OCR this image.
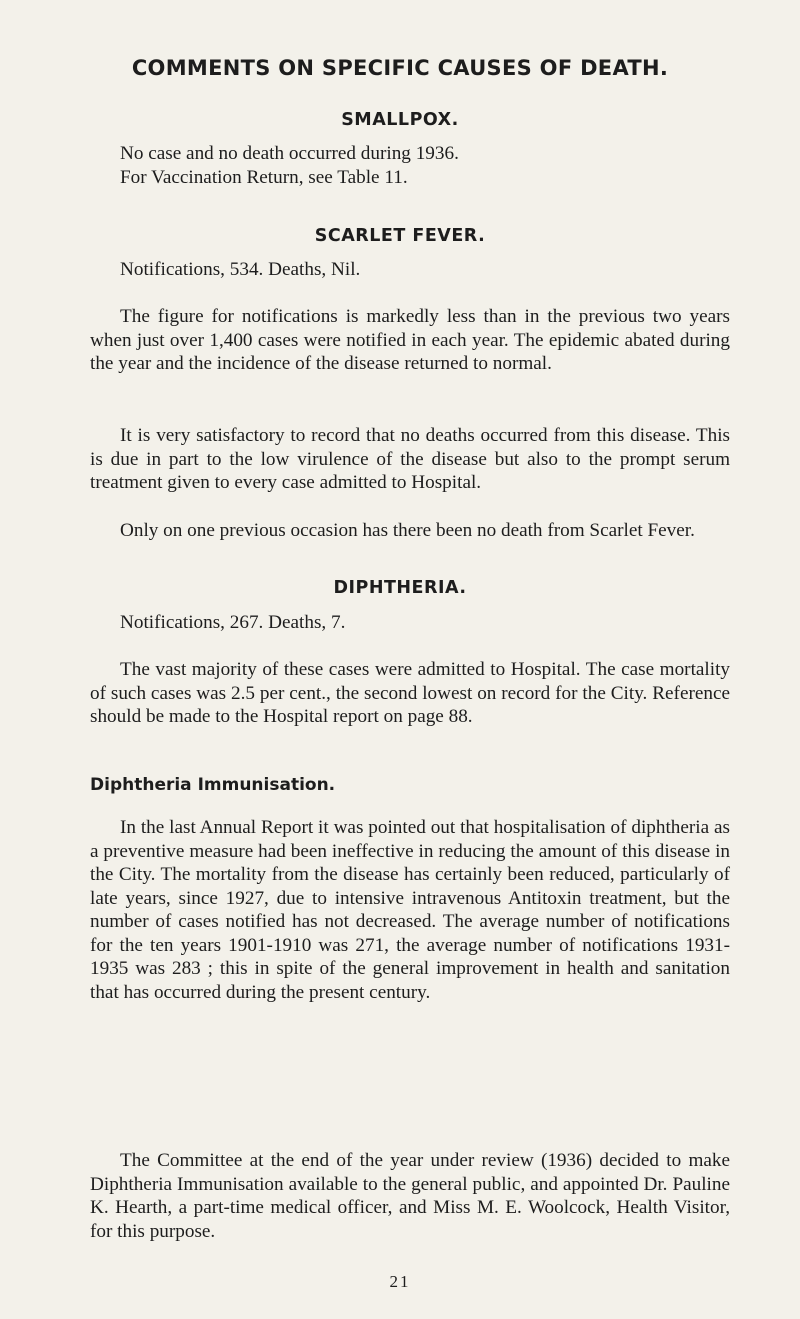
COMMENTS ON SPECIFIC CAUSES OF DEATH.
SMALLPOX.

No case and no death occurred during 1936.

For Vaccination Return, see Table 11.

SCARLET FEVER.

Notifications, 534. Deaths, Nil.

The figure for notifications is markedly less than in the previous two years when just over 1,400 cases were notified in each year. The epidemic abated during the year and the incidence of the disease returned to normal.

It is very satisfactory to record that no deaths occurred from this disease. This is due in part to the low virulence of the disease but also to the prompt serum treatment given to every case admitted to Hospital.

Only on one previous occasion has there been no death from Scarlet Fever.

DIPHTHERIA.

Notifications, 267. Deaths, 7.

The vast majority of these cases were admitted to Hospital. The case mortality of such cases was 2.5 per cent., the second lowest on record for the City. Reference should be made to the Hospital report on page 88.

Diphtheria Immunisation.

In the last Annual Report it was pointed out that hospitalisation of diphtheria as a preventive measure had been ineffective in reducing the amount of this disease in the City. The mortality from the disease has certainly been reduced, particularly of late years, since 1927, due to intensive intravenous Antitoxin treatment, but the number of cases notified has not decreased. The average number of notifications for the ten years 1901-1910 was 271, the average number of notifications 1931-1935 was 283 ; this in spite of the general improvement in health and sanitation that has occurred during the present century.

The Committee at the end of the year under review (1936) decided to make Diphtheria Immunisation available to the general public, and appointed Dr. Pauline K. Hearth, a part-time medical officer, and Miss M. E. Woolcock, Health Visitor, for this purpose.

21
